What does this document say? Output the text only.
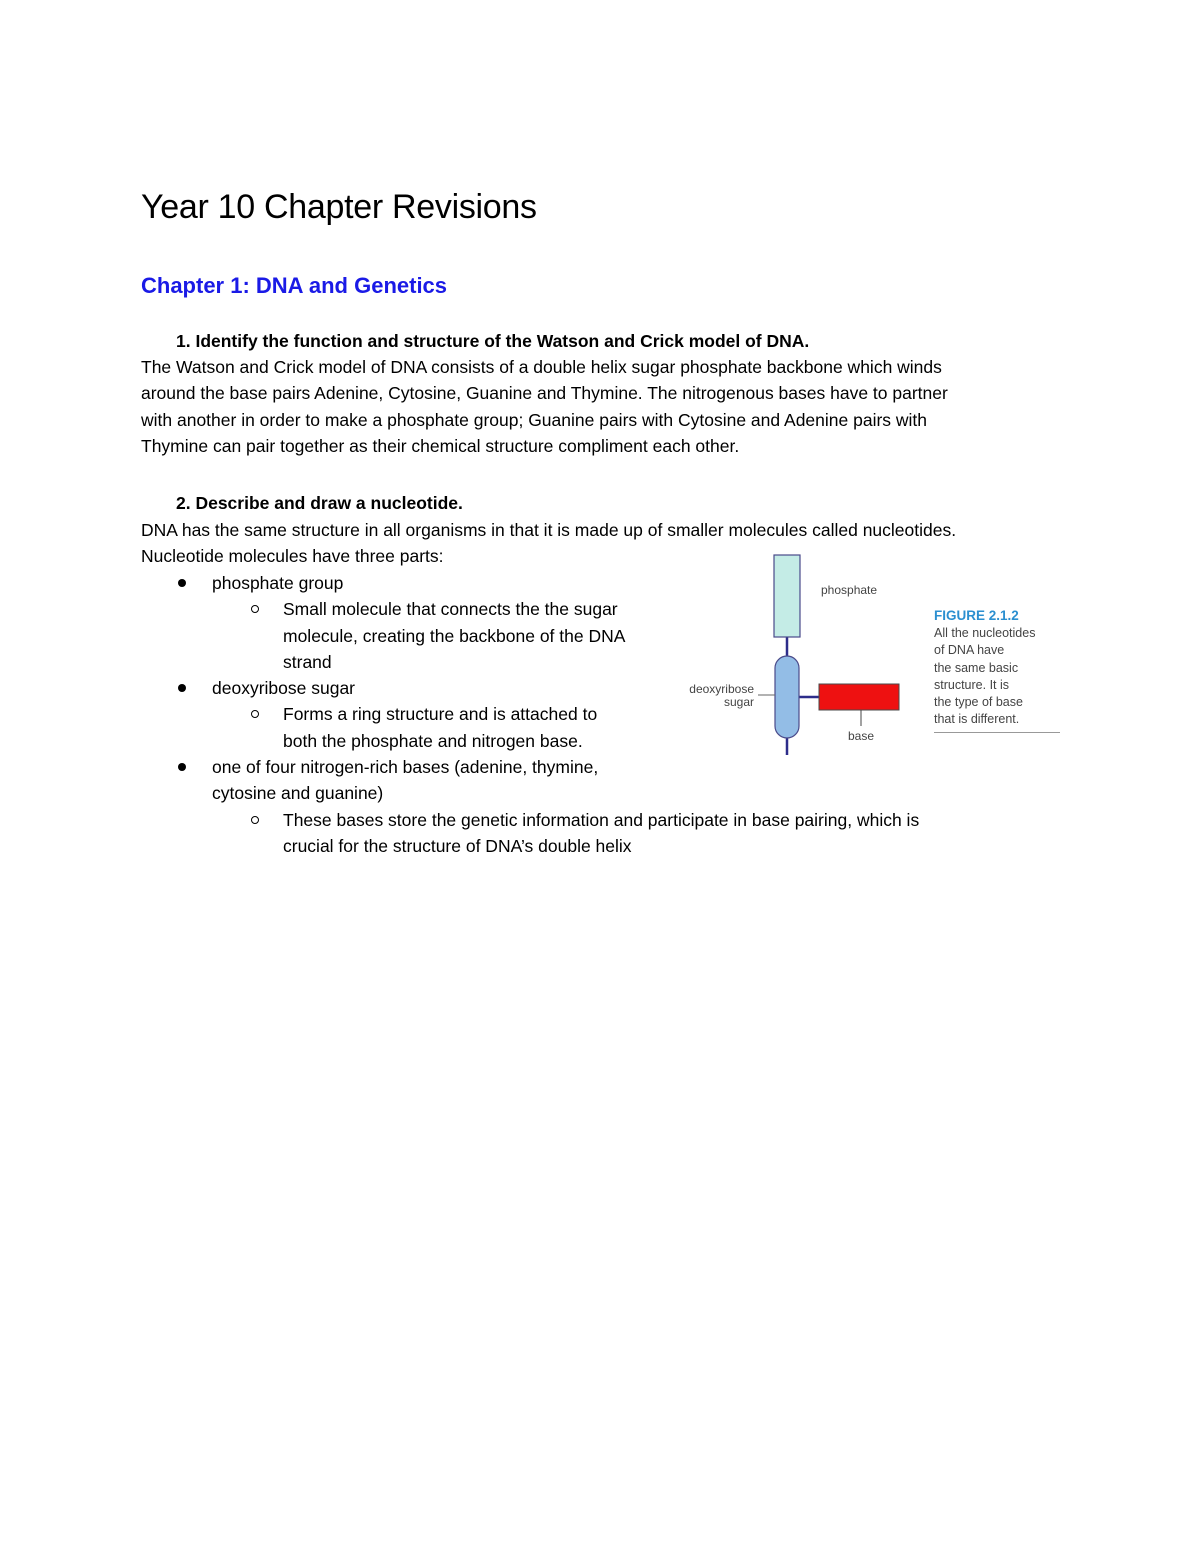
Year 10 Chapter Revisions
Chapter 1: DNA and Genetics

1. Identify the function and structure of the Watson and Crick model of DNA.

The Watson and Crick model of DNA consists of a double helix sugar phosphate backbone which winds

around the base pairs Adenine, Cytosine, Guanine and Thymine. The nitrogenous bases have to partner

with another in order to make a phosphate group; Guanine pairs with Cytosine and Adenine pairs with

Thymine can pair together as their chemical structure compliment each other.

2. Describe and draw a nucleotide.

DNA has the same structure in all organisms in that it is made up of smaller molecules called nucleotides.

Nucleotide molecules have three parts:

phosphate group
Small molecule that connects the the sugar
molecule, creating the backbone of the DNA
strand
deoxyribose sugar
Forms a ring structure and is attached to
both the phosphate and nitrogen base.
one of four nitrogen-rich bases (adenine, thymine,
cytosine and guanine)
These bases store the genetic information and participate in base pairing, which is
crucial for the structure of DNA’s double helix
phosphate
deoxyribose
sugar
base
FIGURE 2.1.2
All the nucleotides
of DNA have
the same basic
structure. It is
the type of base
that is different.
